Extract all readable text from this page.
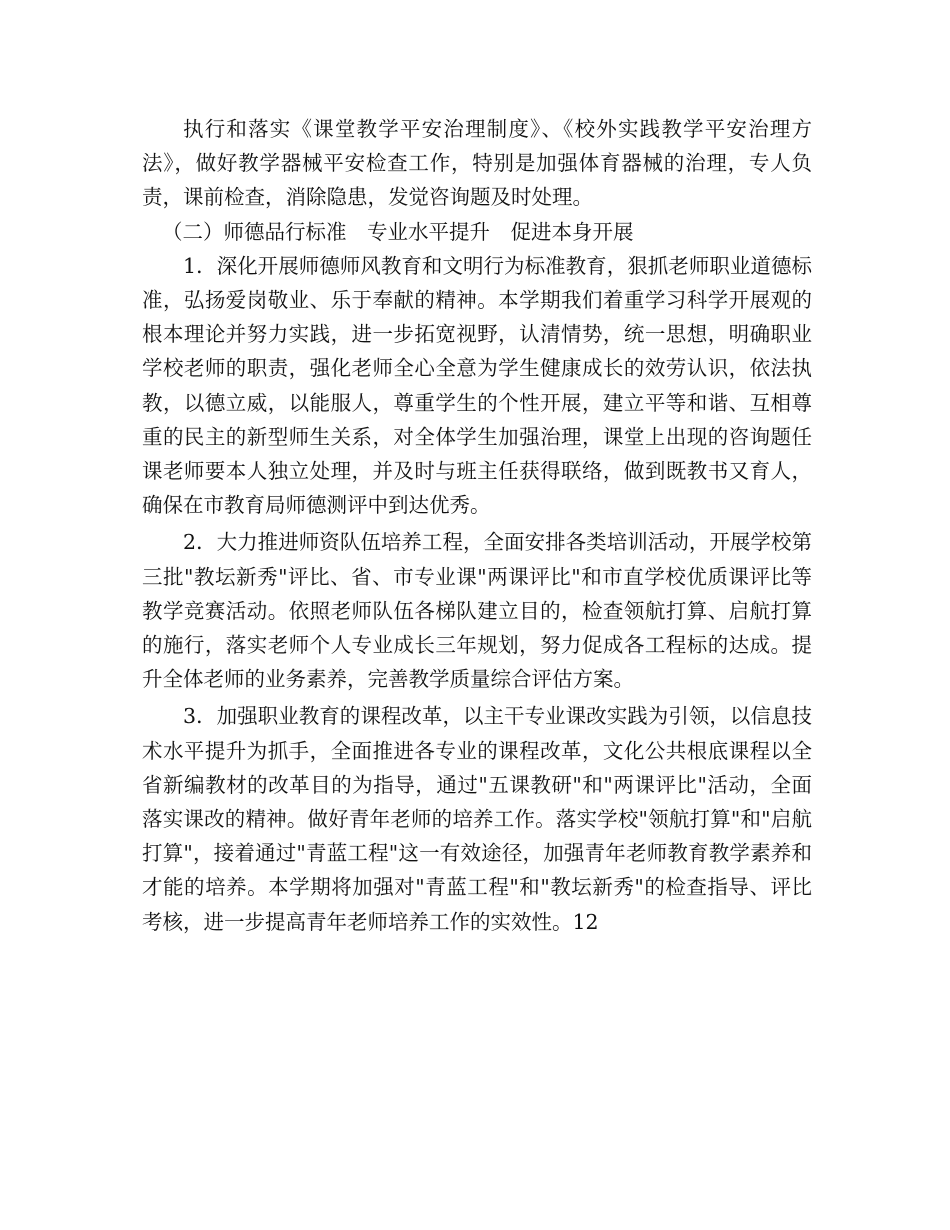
执行和落实《课堂教学平安治理制度》、《校外实践教学平安治理方法》，做好教学器械平安检查工作，特别是加强体育器械的治理，专人负责，课前检查，消除隐患，发觉咨询题及时处理。

（二）师德品行标准　专业水平提升　促进本身开展

1．深化开展师德师风教育和文明行为标准教育，狠抓老师职业道德标准，弘扬爱岗敬业、乐于奉献的精神。本学期我们着重学习科学开展观的根本理论并努力实践，进一步拓宽视野，认清情势，统一思想，明确职业学校老师的职责，强化老师全心全意为学生健康成长的效劳认识，依法执教，以德立威，以能服人，尊重学生的个性开展，建立平等和谐、互相尊重的民主的新型师生关系，对全体学生加强治理，课堂上出现的咨询题任课老师要本人独立处理，并及时与班主任获得联络，做到既教书又育人，确保在市教育局师德测评中到达优秀。

2．大力推进师资队伍培养工程，全面安排各类培训活动，开展学校第三批"教坛新秀"评比、省、市专业课"两课评比"和市直学校优质课评比等教学竞赛活动。依照老师队伍各梯队建立目的，检查领航打算、启航打算的施行，落实老师个人专业成长三年规划，努力促成各工程标的达成。提升全体老师的业务素养，完善教学质量综合评估方案。

3．加强职业教育的课程改革，以主干专业课改实践为引领，以信息技术水平提升为抓手，全面推进各专业的课程改革，文化公共根底课程以全省新编教材的改革目的为指导，通过"五课教研"和"两课评比"活动，全面落实课改的精神。做好青年老师的培养工作。落实学校"领航打算"和"启航打算"，接着通过"青蓝工程"这一有效途径，加强青年老师教育教学素养和才能的培养。本学期将加强对"青蓝工程"和"教坛新秀"的检查指导、评比考核，进一步提高青年老师培养工作的实效性。12
